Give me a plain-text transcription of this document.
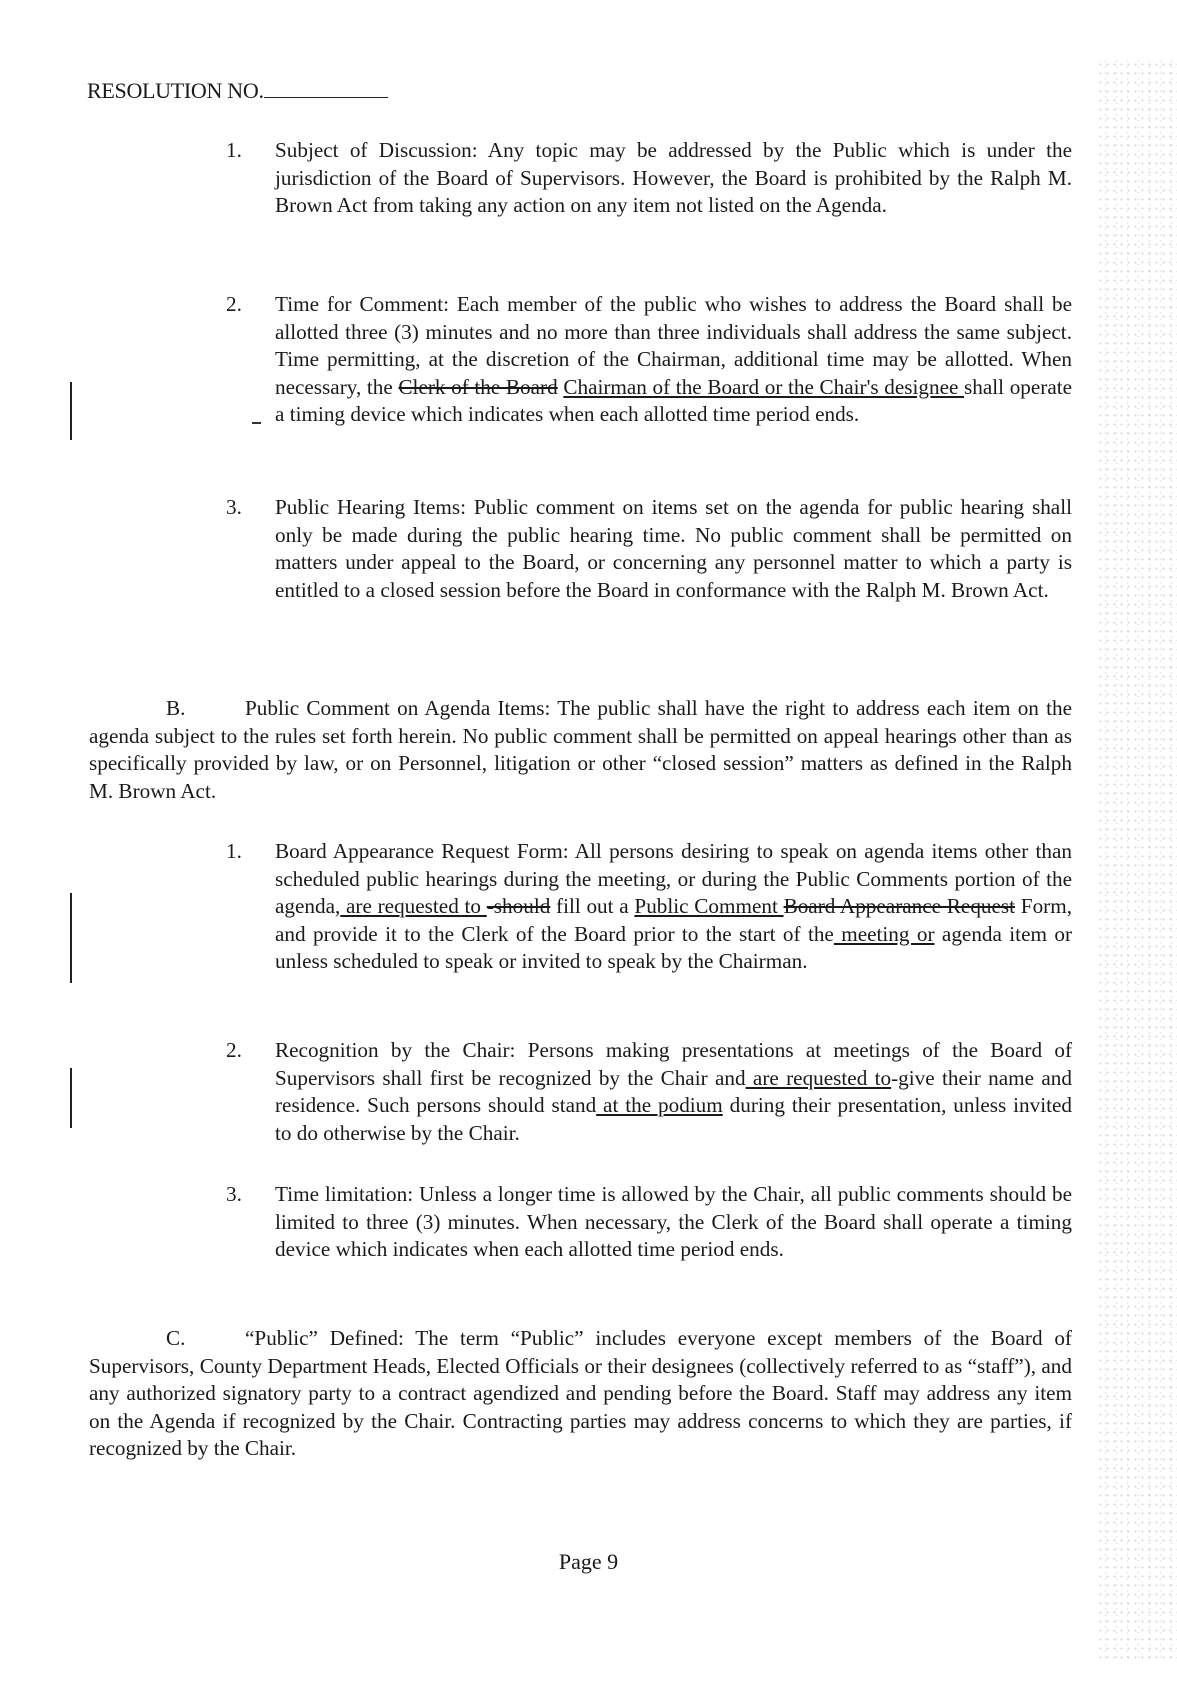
RESOLUTION NO.
1. Subject of Discussion: Any topic may be addressed by the Public which is under the jurisdiction of the Board of Supervisors. However, the Board is prohibited by the Ralph M. Brown Act from taking any action on any item not listed on the Agenda.
2. Time for Comment: Each member of the public who wishes to address the Board shall be allotted three (3) minutes and no more than three individuals shall address the same subject. Time permitting, at the discretion of the Chairman, additional time may be allotted. When necessary, the Clerk of the Board Chairman of the Board or the Chair's designee shall operate a timing device which indicates when each allotted time period ends.
3. Public Hearing Items: Public comment on items set on the agenda for public hearing shall only be made during the public hearing time. No public comment shall be permitted on matters under appeal to the Board, or concerning any personnel matter to which a party is entitled to a closed session before the Board in conformance with the Ralph M. Brown Act.
B.	Public Comment on Agenda Items: The public shall have the right to address each item on the agenda subject to the rules set forth herein. No public comment shall be permitted on appeal hearings other than as specifically provided by law, or on Personnel, litigation or other “closed session” matters as defined in the Ralph M. Brown Act.
1. Board Appearance Request Form: All persons desiring to speak on agenda items other than scheduled public hearings during the meeting, or during the Public Comments portion of the agenda, are requested to -should fill out a Public Comment Board Appearance Request Form, and provide it to the Clerk of the Board prior to the start of the meeting or agenda item or unless scheduled to speak or invited to speak by the Chairman.
2. Recognition by the Chair: Persons making presentations at meetings of the Board of Supervisors shall first be recognized by the Chair and are requested to-give their name and residence. Such persons should stand at the podium during their presentation, unless invited to do otherwise by the Chair.
3. Time limitation: Unless a longer time is allowed by the Chair, all public comments should be limited to three (3) minutes. When necessary, the Clerk of the Board shall operate a timing device which indicates when each allotted time period ends.
C.	“Public” Defined: The term “Public” includes everyone except members of the Board of Supervisors, County Department Heads, Elected Officials or their designees (collectively referred to as “staff”), and any authorized signatory party to a contract agendized and pending before the Board. Staff may address any item on the Agenda if recognized by the Chair. Contracting parties may address concerns to which they are parties, if recognized by the Chair.
Page 9
